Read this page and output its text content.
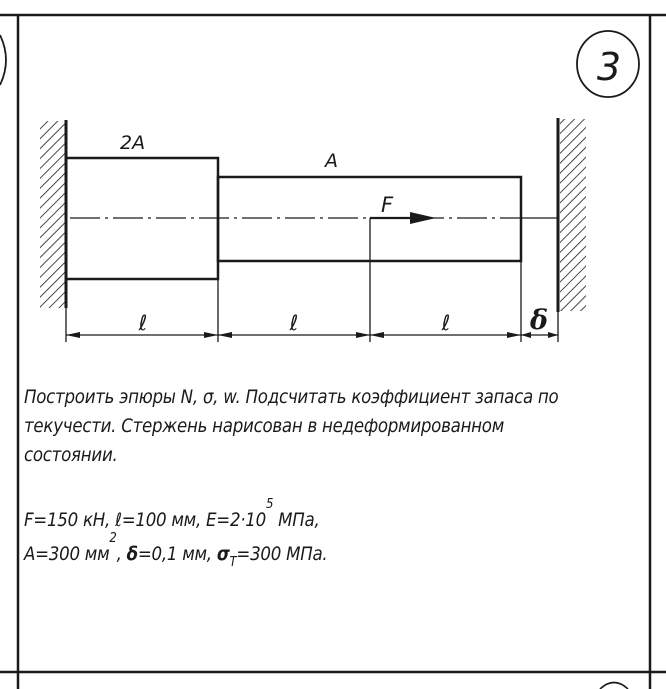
3
2A
A
F
ℓ	ℓ	ℓ	δ
Построить эпюры N, σ, w. Подсчитать коэффициент запаса по
текучести. Стержень нарисован в недеформированном
состоянии.
F=150 кН, ℓ=100 мм, $E=2\cdot 10^5$ МПа,
A=300 $мм^2$, δ=0,1 мм, $\sigma_Т=300$ МПа.
